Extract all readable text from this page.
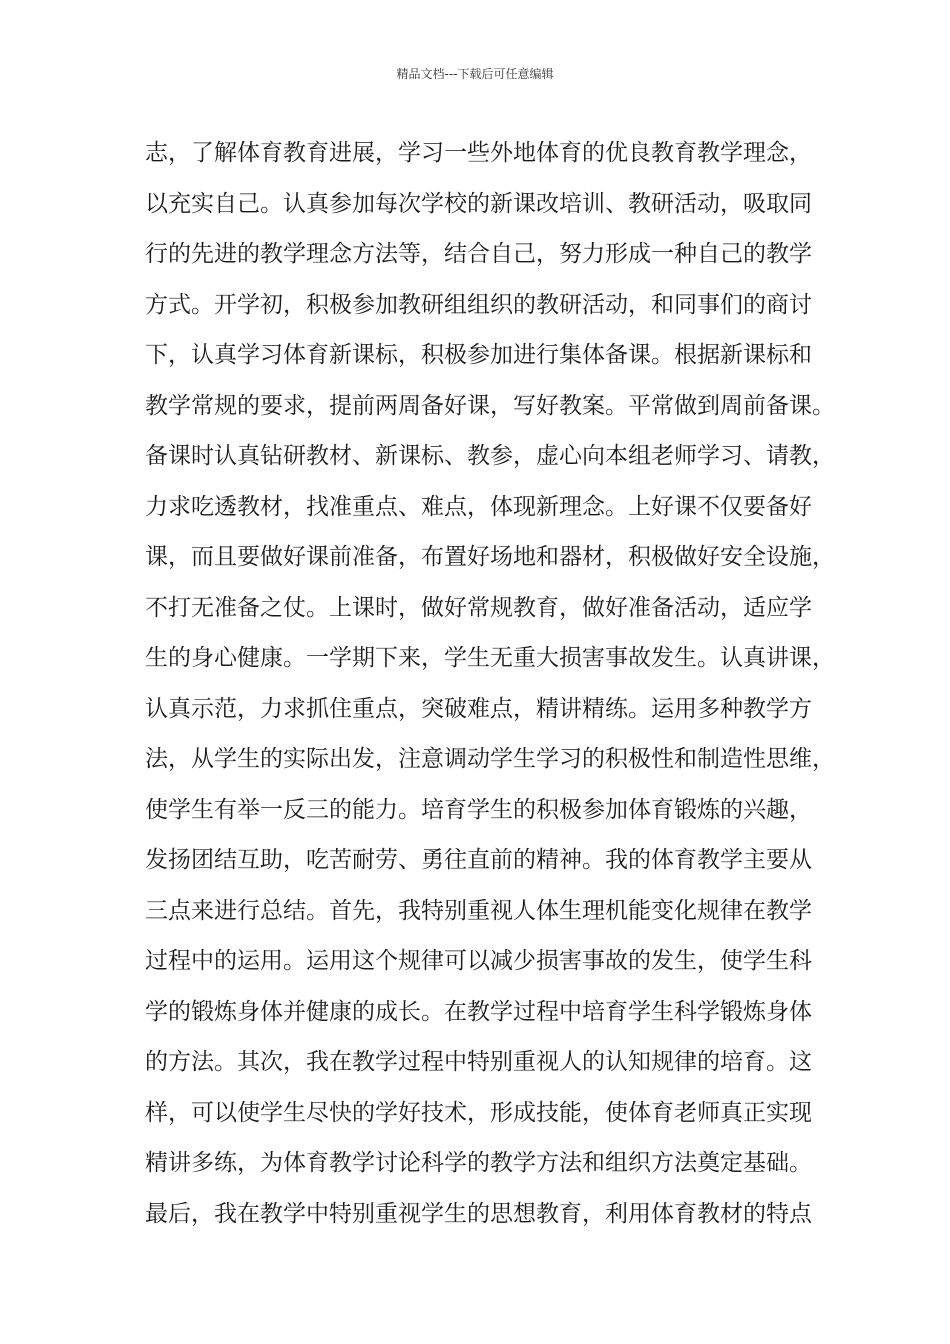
精品文档---下载后可任意编辑
志，了解体育教育进展，学习一些外地体育的优良教育教学理念，
以充实自己。认真参加每次学校的新课改培训、教研活动，吸取同
行的先进的教学理念方法等，结合自己，努力形成一种自己的教学
方式。开学初，积极参加教研组组织的教研活动，和同事们的商讨
下，认真学习体育新课标，积极参加进行集体备课。根据新课标和
教学常规的要求，提前两周备好课，写好教案。平常做到周前备课。
备课时认真钻研教材、新课标、教参，虚心向本组老师学习、请教，
力求吃透教材，找准重点、难点，体现新理念。上好课不仅要备好
课，而且要做好课前准备，布置好场地和器材，积极做好安全设施，
不打无准备之仗。上课时，做好常规教育，做好准备活动，适应学
生的身心健康。一学期下来，学生无重大损害事故发生。认真讲课，
认真示范，力求抓住重点，突破难点，精讲精练。运用多种教学方
法，从学生的实际出发，注意调动学生学习的积极性和制造性思维，
使学生有举一反三的能力。培育学生的积极参加体育锻炼的兴趣，
发扬团结互助，吃苦耐劳、勇往直前的精神。我的体育教学主要从
三点来进行总结。首先，我特别重视人体生理机能变化规律在教学
过程中的运用。运用这个规律可以减少损害事故的发生，使学生科
学的锻炼身体并健康的成长。在教学过程中培育学生科学锻炼身体
的方法。其次，我在教学过程中特别重视人的认知规律的培育。这
样，可以使学生尽快的学好技术，形成技能，使体育老师真正实现
精讲多练，为体育教学讨论科学的教学方法和组织方法奠定基础。
最后，我在教学中特别重视学生的思想教育，利用体育教材的特点
